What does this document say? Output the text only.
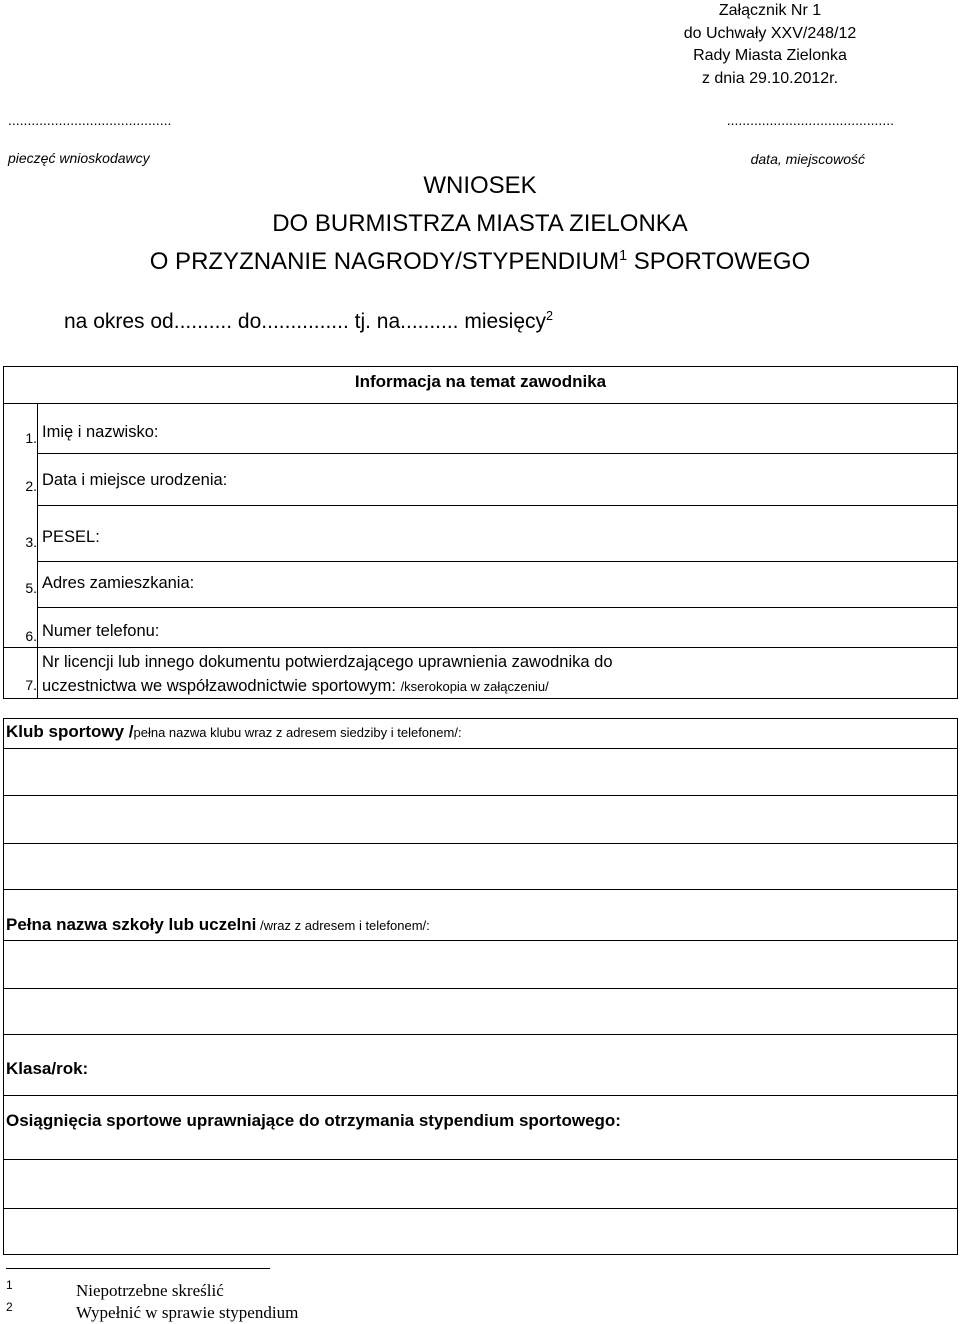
Załącznik Nr 1
do Uchwały XXV/248/12
Rady Miasta Zielonka
z dnia 29.10.2012r.
..........................................	...........................................
pieczęć wnioskodawcy	data, miejscowość
WNIOSEK
DO BURMISTRZA MIASTA ZIELONKA
O PRZYZNANIE NAGRODY/STYPENDIUM$^1$ SPORTOWEGO
na okres od.......... do............... tj. na.......... miesięcy$^2$
Informacja na temat zawodnika
1. Imię i nazwisko:
2. Data i miejsce urodzenia:
3. PESEL:
5. Adres zamieszkania:
6. Numer telefonu:
7.
Nr licencji lub innego dokumentu potwierdzającego uprawnienia zawodnika do
uczestnictwa we współzawodnictwie sportowym: /kserokopia w załączeniu/
Klub sportowy /pełna nazwa klubu wraz z adresem siedziby i telefonem/:
Pełna nazwa szkoły lub uczelni /wraz z adresem i telefonem/:
Klasa/rok:
Osiągnięcia sportowe uprawniające do otrzymania stypendium sportowego:
1	Niepotrzebne skreślić
2	Wypełnić w sprawie stypendium
